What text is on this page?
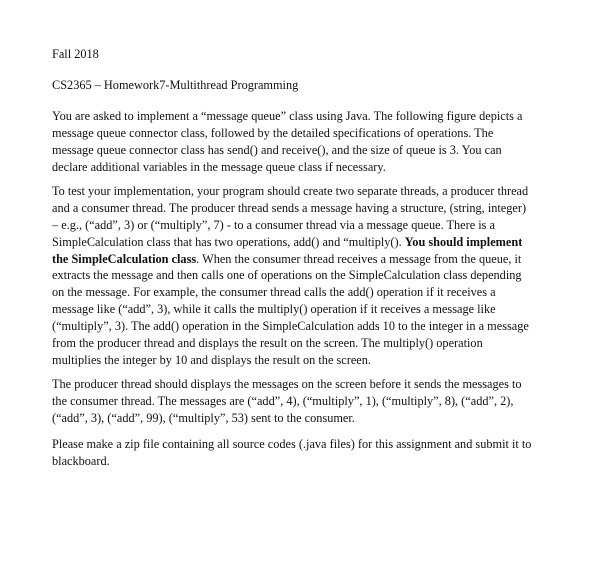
Fall 2018
CS2365 – Homework7-Multithread Programming
You are asked to implement a “message queue” class using Java. The following figure depicts a
message queue connector class, followed by the detailed specifications of operations. The
message queue connector class has send() and receive(), and the size of queue is 3. You can
declare additional variables in the message queue class if necessary.
To test your implementation, your program should create two separate threads, a producer thread
and a consumer thread. The producer thread sends a message having a structure, (string, integer)
– e.g., (“add”, 3) or (“multiply”, 7) - to a consumer thread via a message queue. There is a
SimpleCalculation class that has two operations, add() and “multiply(). You should implement
the SimpleCalculation class. When the consumer thread receives a message from the queue, it
extracts the message and then calls one of operations on the SimpleCalculation class depending
on the message. For example, the consumer thread calls the add() operation if it receives a
message like (“add”, 3), while it calls the multiply() operation if it receives a message like
(“multiply”, 3). The add() operation in the SimpleCalculation adds 10 to the integer in a message
from the producer thread and displays the result on the screen. The multiply() operation
multiplies the integer by 10 and displays the result on the screen.
The producer thread should displays the messages on the screen before it sends the messages to
the consumer thread. The messages are (“add”, 4), (“multiply”, 1), (“multiply”, 8), (“add”, 2),
(“add”, 3), (“add”, 99), (“multiply”, 53) sent to the consumer.
Please make a zip file containing all source codes (.java files) for this assignment and submit it to
blackboard.
